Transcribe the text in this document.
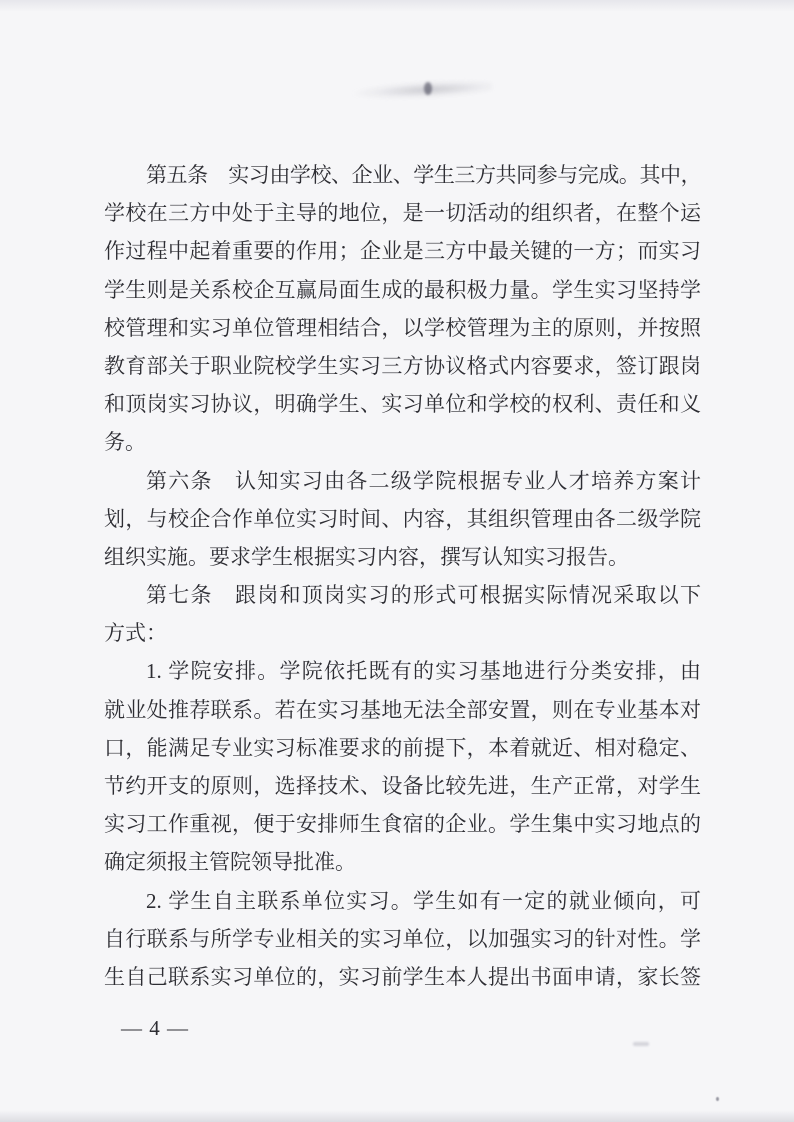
第五条　实习由学校、企业、学生三方共同参与完成。其中，
学校在三方中处于主导的地位，是一切活动的组织者，在整个运
作过程中起着重要的作用；企业是三方中最关键的一方；而实习
学生则是关系校企互赢局面生成的最积极力量。学生实习坚持学
校管理和实习单位管理相结合，以学校管理为主的原则，并按照
教育部关于职业院校学生实习三方协议格式内容要求，签订跟岗
和顶岗实习协议，明确学生、实习单位和学校的权利、责任和义
务。
第六条　认知实习由各二级学院根据专业人才培养方案计
划，与校企合作单位实习时间、内容，其组织管理由各二级学院
组织实施。要求学生根据实习内容，撰写认知实习报告。
第七条　跟岗和顶岗实习的形式可根据实际情况采取以下
方式：
1. 学院安排。学院依托既有的实习基地进行分类安排，由
就业处推荐联系。若在实习基地无法全部安置，则在专业基本对
口，能满足专业实习标准要求的前提下，本着就近、相对稳定、
节约开支的原则，选择技术、设备比较先进，生产正常，对学生
实习工作重视，便于安排师生食宿的企业。学生集中实习地点的
确定须报主管院领导批准。
2. 学生自主联系单位实习。学生如有一定的就业倾向，可
自行联系与所学专业相关的实习单位，以加强实习的针对性。学
生自己联系实习单位的，实习前学生本人提出书面申请，家长签
— 4 —
